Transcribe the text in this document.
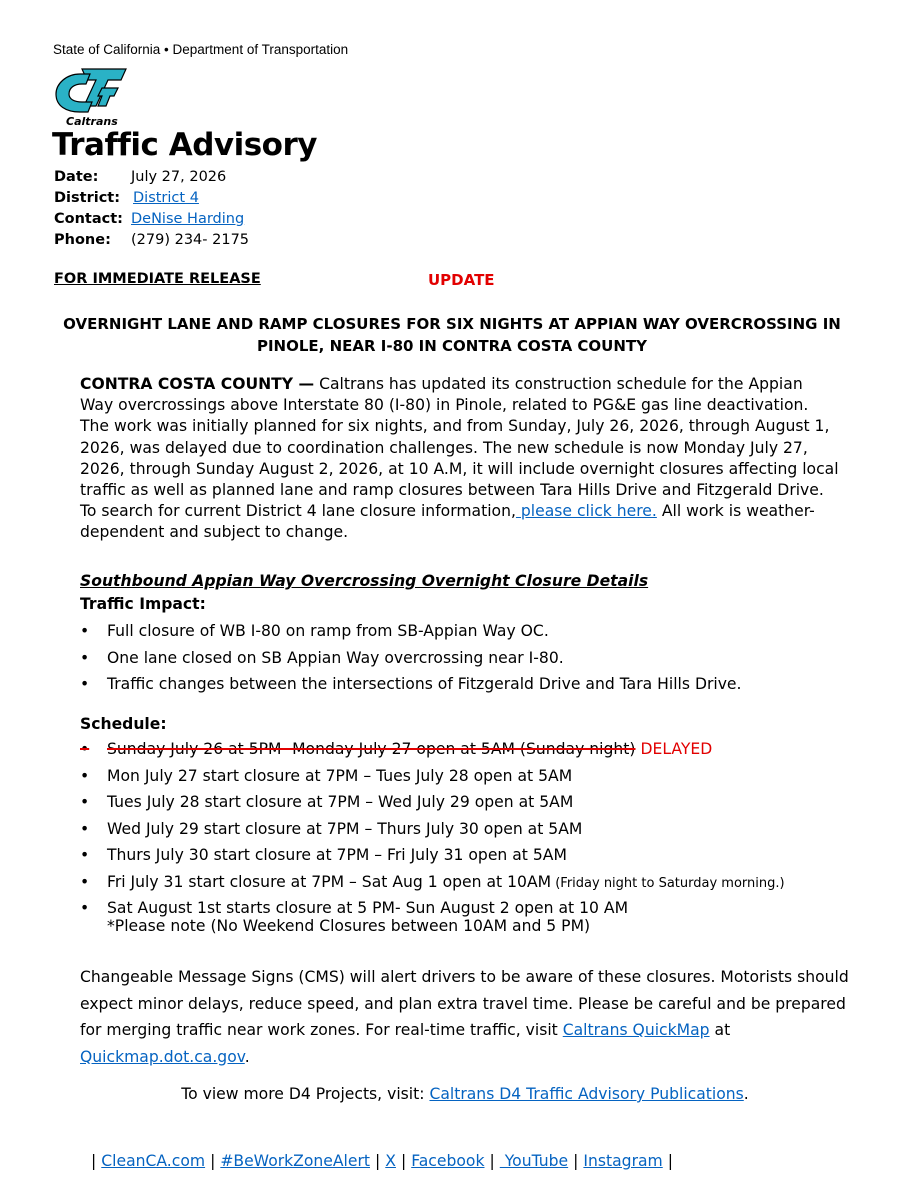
State of California • Department of Transportation
Caltrans
Traffic Advisory
Date:	July 27, 2026
District: District 4
Contact: DeNise Harding
Phone:	(279) 234- 2175
FOR IMMEDIATE RELEASE	UPDATE
OVERNIGHT LANE AND RAMP CLOSURES FOR SIX NIGHTS AT APPIAN WAY OVERCROSSING IN PINOLE, NEAR I-80 IN CONTRA COSTA COUNTY
CONTRA COSTA COUNTY — Caltrans has updated its construction schedule for the Appian Way overcrossings above Interstate 80 (I-80) in Pinole, related to PG&E gas line deactivation. The work was initially planned for six nights, and from Sunday, July 26, 2026, through August 1, 2026, was delayed due to coordination challenges. The new schedule is now Monday July 27, 2026, through Sunday August 2, 2026, at 10 A.M, it will include overnight closures affecting local traffic as well as planned lane and ramp closures between Tara Hills Drive and Fitzgerald Drive. To search for current District 4 lane closure information, please click here. All work is weather-dependent and subject to change.
Southbound Appian Way Overcrossing Overnight Closure Details
Traffic Impact:
• Full closure of WB I-80 on ramp from SB-Appian Way OC.
• One lane closed on SB Appian Way overcrossing near I-80.
• Traffic changes between the intersections of Fitzgerald Drive and Tara Hills Drive.
Schedule:
• Sunday July 26 at 5PM- Monday July 27 open at 5AM (Sunday night) DELAYED
• Mon July 27 start closure at 7PM – Tues July 28 open at 5AM
• Tues July 28 start closure at 7PM – Wed July 29 open at 5AM
• Wed July 29 start closure at 7PM – Thurs July 30 open at 5AM
• Thurs July 30 start closure at 7PM – Fri July 31 open at 5AM
• Fri July 31 start closure at 7PM – Sat Aug 1 open at 10AM (Friday night to Saturday morning.)
• Sat August 1st starts closure at 5 PM- Sun August 2 open at 10 AM
*Please note (No Weekend Closures between 10AM and 5 PM)
Changeable Message Signs (CMS) will alert drivers to be aware of these closures. Motorists should expect minor delays, reduce speed, and plan extra travel time. Please be careful and be prepared for merging traffic near work zones. For real-time traffic, visit Caltrans QuickMap at Quickmap.dot.ca.gov.
To view more D4 Projects, visit: Caltrans D4 Traffic Advisory Publications.
| CleanCA.com | #BeWorkZoneAlert | X | Facebook | YouTube | Instagram |
